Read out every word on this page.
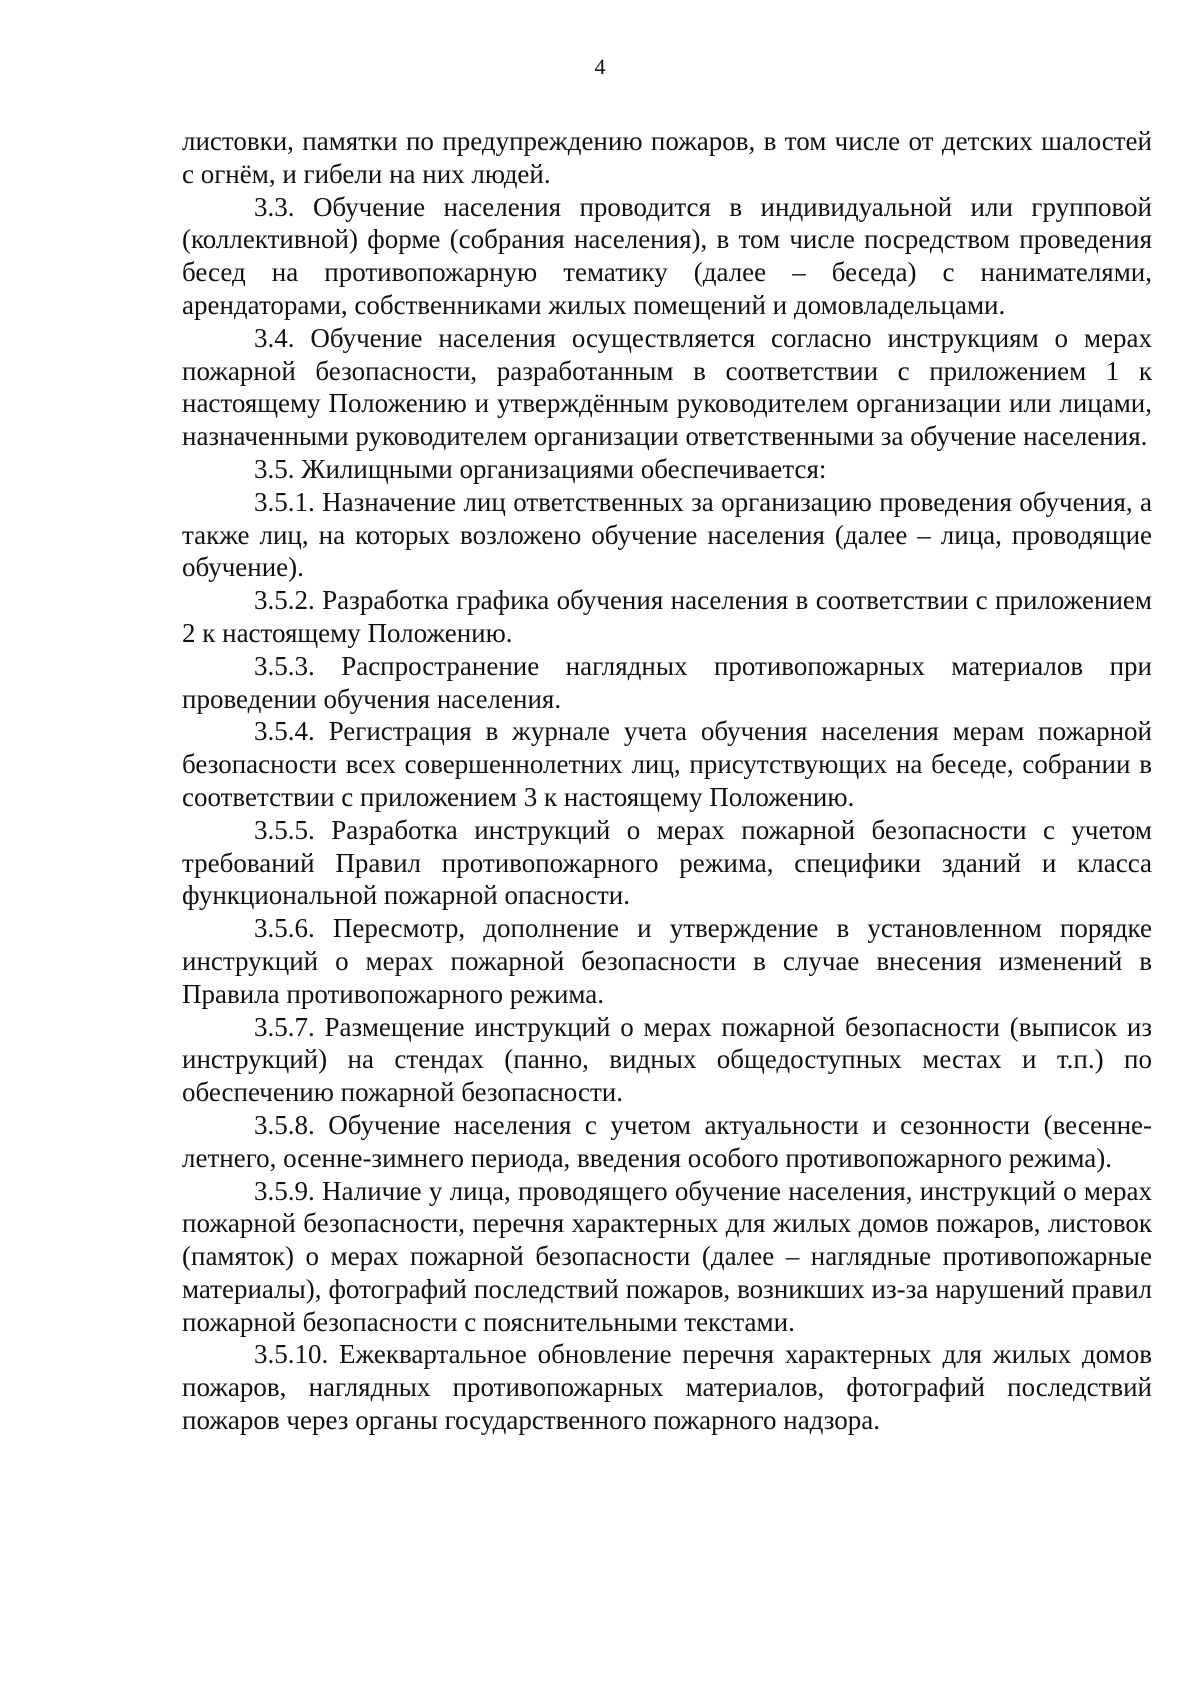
4

листовки, памятки по предупреждению пожаров, в том числе от детских шалостей с огнём, и гибели на них людей.

3.3. Обучение населения проводится в индивидуальной или групповой (коллективной) форме (собрания населения), в том числе посредством проведения бесед на противопожарную тематику (далее – беседа) с нанимателями, арендаторами, собственниками жилых помещений и домовладельцами.

3.4. Обучение населения осуществляется согласно инструкциям о мерах пожарной безопасности, разработанным в соответствии с приложением 1 к настоящему Положению и утверждённым руководителем организации или лицами, назначенными руководителем организации ответственными за обучение населения.

3.5. Жилищными организациями обеспечивается:

3.5.1. Назначение лиц ответственных за организацию проведения обучения, а также лиц, на которых возложено обучение населения (далее – лица, проводящие обучение).

3.5.2. Разработка графика обучения населения в соответствии с приложением 2 к настоящему Положению.

3.5.3. Распространение наглядных противопожарных материалов при проведении обучения населения.

3.5.4. Регистрация в журнале учета обучения населения мерам пожарной безопасности всех совершеннолетних лиц, присутствующих на беседе, собрании в соответствии с приложением 3 к настоящему Положению.

3.5.5. Разработка инструкций о мерах пожарной безопасности с учетом требований Правил противопожарного режима, специфики зданий и класса функциональной пожарной опасности.

3.5.6. Пересмотр, дополнение и утверждение в установленном порядке инструкций о мерах пожарной безопасности в случае внесения изменений в Правила противопожарного режима.

3.5.7. Размещение инструкций о мерах пожарной безопасности (выписок из инструкций) на стендах (панно, видных общедоступных местах и т.п.) по обеспечению пожарной безопасности.

3.5.8. Обучение населения с учетом актуальности и сезонности (весенне-летнего, осенне-зимнего периода, введения особого противопожарного режима).

3.5.9. Наличие у лица, проводящего обучение населения, инструкций о мерах пожарной безопасности, перечня характерных для жилых домов пожаров, листовок (памяток) о мерах пожарной безопасности (далее – наглядные противопожарные материалы), фотографий последствий пожаров, возникших из-за нарушений правил пожарной безопасности с пояснительными текстами.

3.5.10. Ежеквартальное обновление перечня характерных для жилых домов пожаров, наглядных противопожарных материалов, фотографий последствий пожаров через органы государственного пожарного надзора.
